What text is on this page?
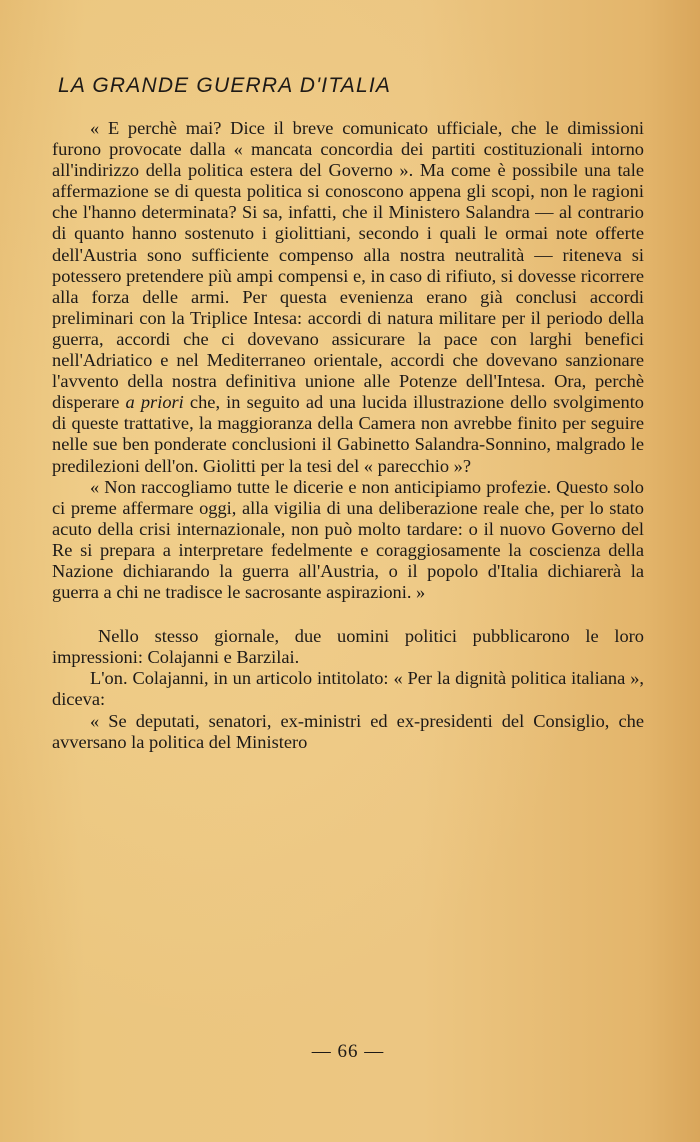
LA GRANDE GUERRA D'ITALIA

« E perchè mai? Dice il breve comunicato ufficiale, che le dimissioni furono provocate dalla « mancata concordia dei partiti costituzionali intorno all'indirizzo della politica estera del Governo ». Ma come è possibile una tale affermazione se di questa politica si conoscono appena gli scopi, non le ragioni che l'hanno determinata? Si sa, infatti, che il Ministero Salandra — al contrario di quanto hanno sostenuto i giolittiani, secondo i quali le ormai note offerte dell'Austria sono sufficiente compenso alla nostra neutralità — riteneva si potessero pretendere più ampi compensi e, in caso di rifiuto, si dovesse ricorrere alla forza delle armi. Per questa evenienza erano già conclusi accordi preliminari con la Triplice Intesa: accordi di natura militare per il periodo della guerra, accordi che ci dovevano assicurare la pace con larghi benefici nell'Adriatico e nel Mediterraneo orientale, accordi che dovevano sanzionare l'avvento della nostra definitiva unione alle Potenze dell'Intesa. Ora, perchè disperare a priori che, in seguito ad una lucida illustrazione dello svolgimento di queste trattative, la maggioranza della Camera non avrebbe finito per seguire nelle sue ben ponderate conclusioni il Gabinetto Salandra-Sonnino, malgrado le predilezioni dell'on. Giolitti per la tesi del « parecchio »?

« Non raccogliamo tutte le dicerie e non anticipiamo profezie. Questo solo ci preme affermare oggi, alla vigilia di una deliberazione reale che, per lo stato acuto della crisi internazionale, non può molto tardare: o il nuovo Governo del Re si prepara a interpretare fedelmente e coraggiosamente la coscienza della Nazione dichiarando la guerra all'Austria, o il popolo d'Italia dichiarerà la guerra a chi ne tradisce le sacrosante aspirazioni. »

Nello stesso giornale, due uomini politici pubblicarono le loro impressioni: Colajanni e Barzilai.

L'on. Colajanni, in un articolo intitolato: « Per la dignità politica italiana », diceva:

« Se deputati, senatori, ex-ministri ed ex-presidenti del Consiglio, che avversano la politica del Ministero

— 66 —
